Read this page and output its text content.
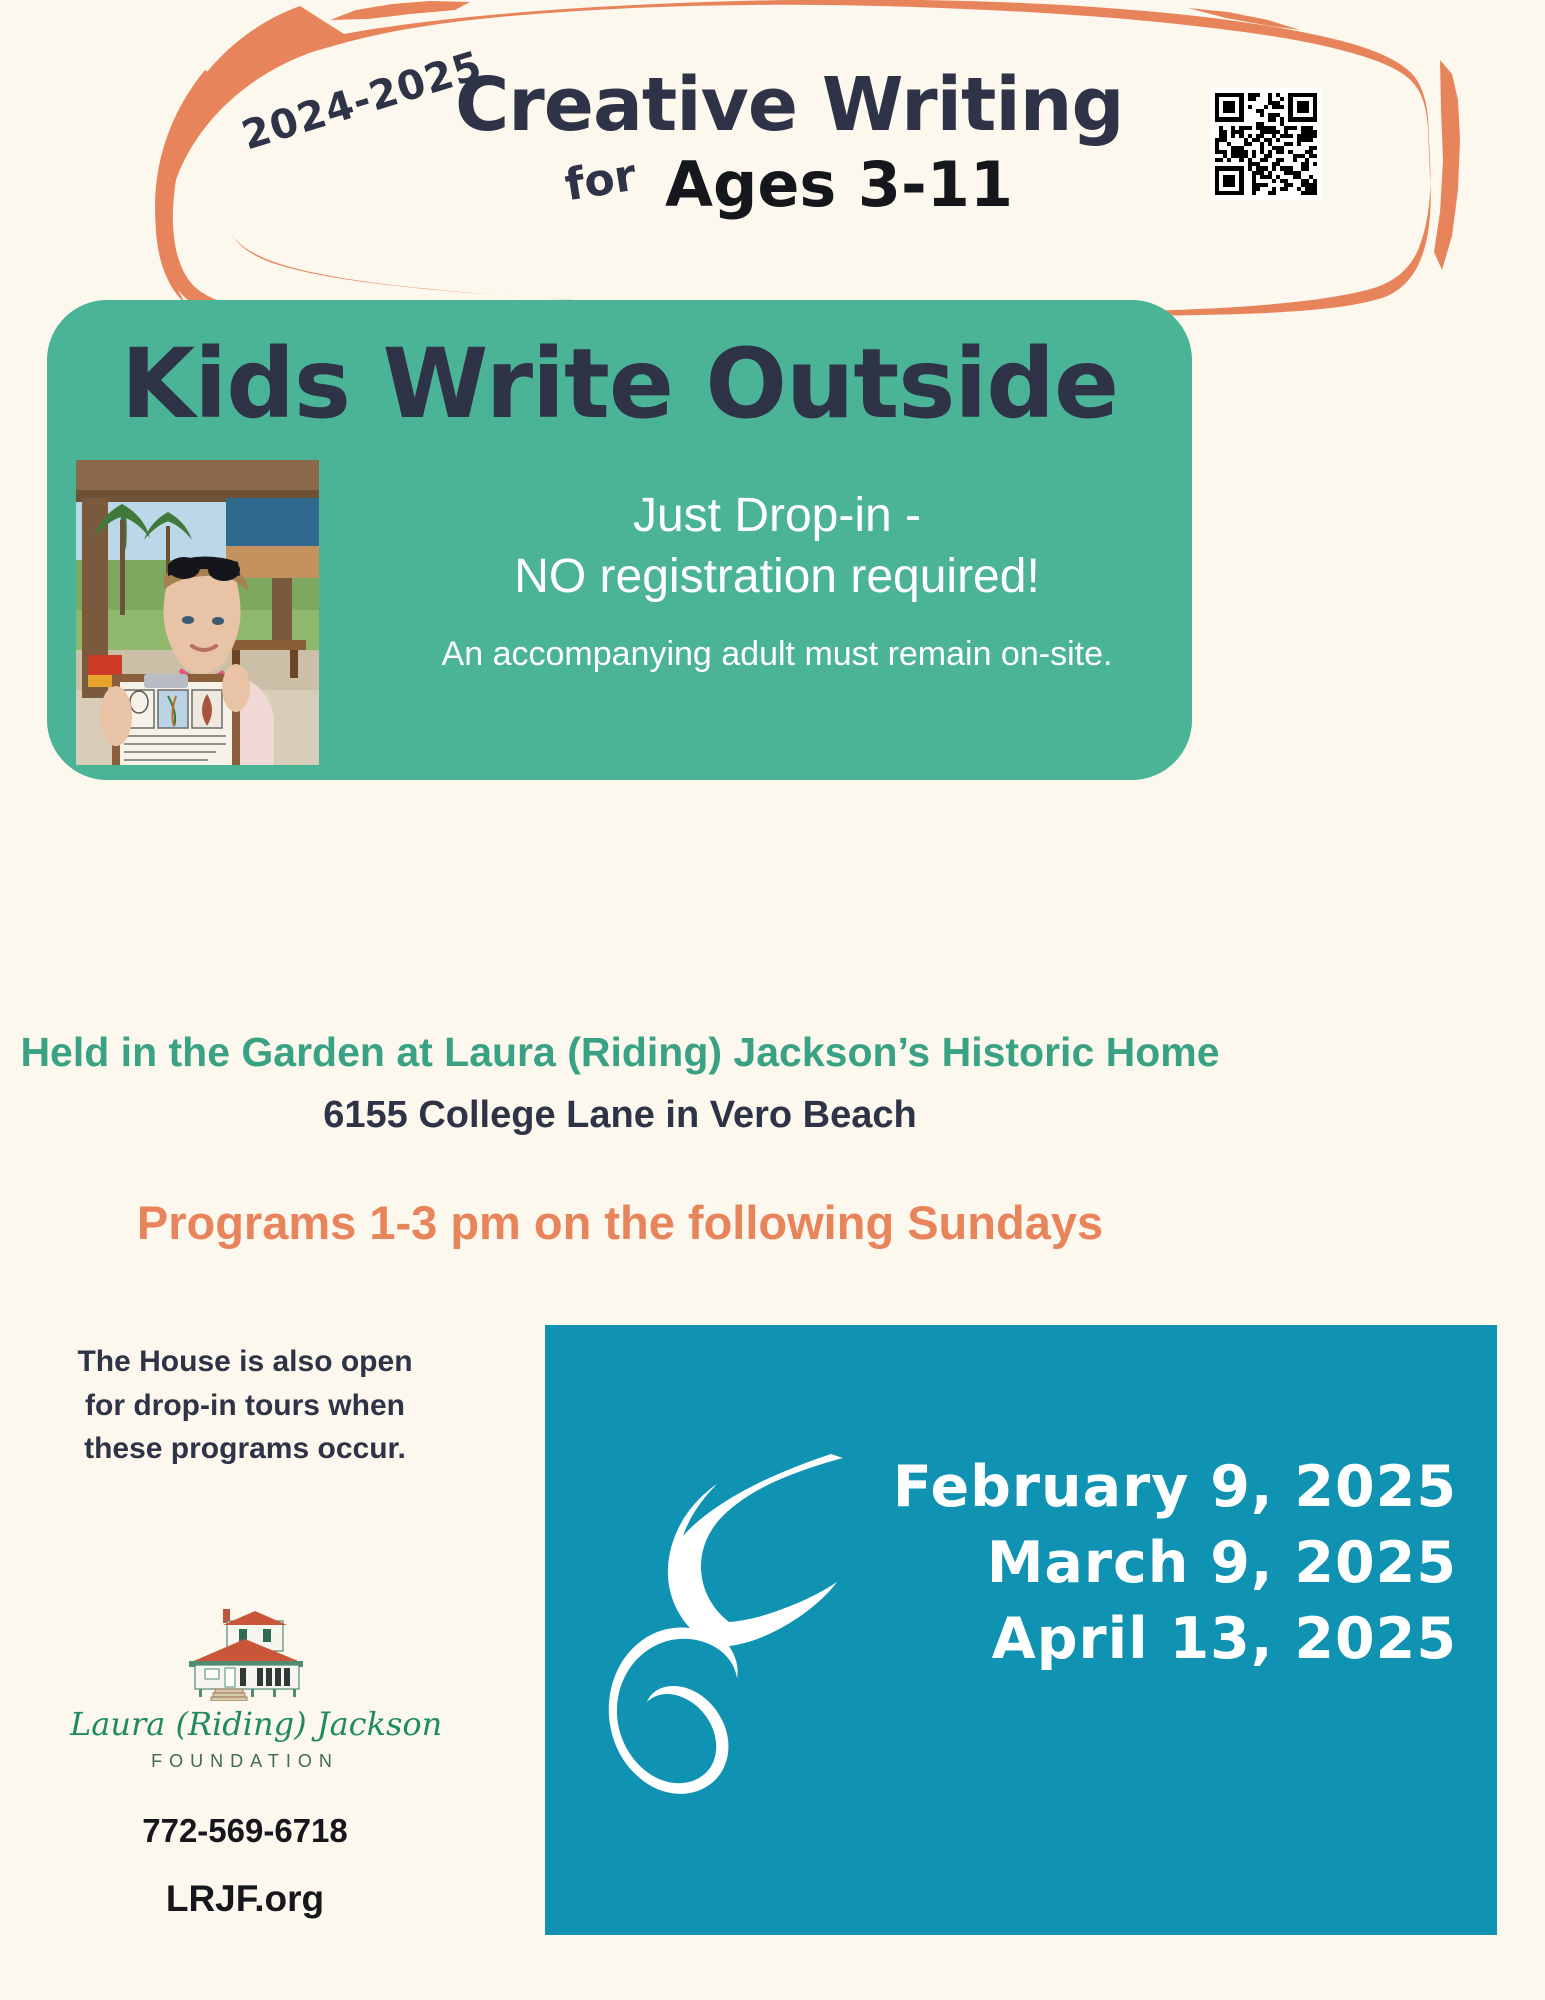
2024-2025
Creative Writing
for Ages 3-11
Kids Write Outside
Just Drop-in -
NO registration required!
An accompanying adult must remain on-site.
Held in the Garden at Laura (Riding) Jackson’s Historic Home
6155 College Lane in Vero Beach
Programs 1-3 pm on the following Sundays
The House is also open for drop-in tours when these programs occur.
Laura (Riding) Jackson
FOUNDATION
772-569-6718
LRJF.org
February 9, 2025
March 9, 2025
April 13, 2025
